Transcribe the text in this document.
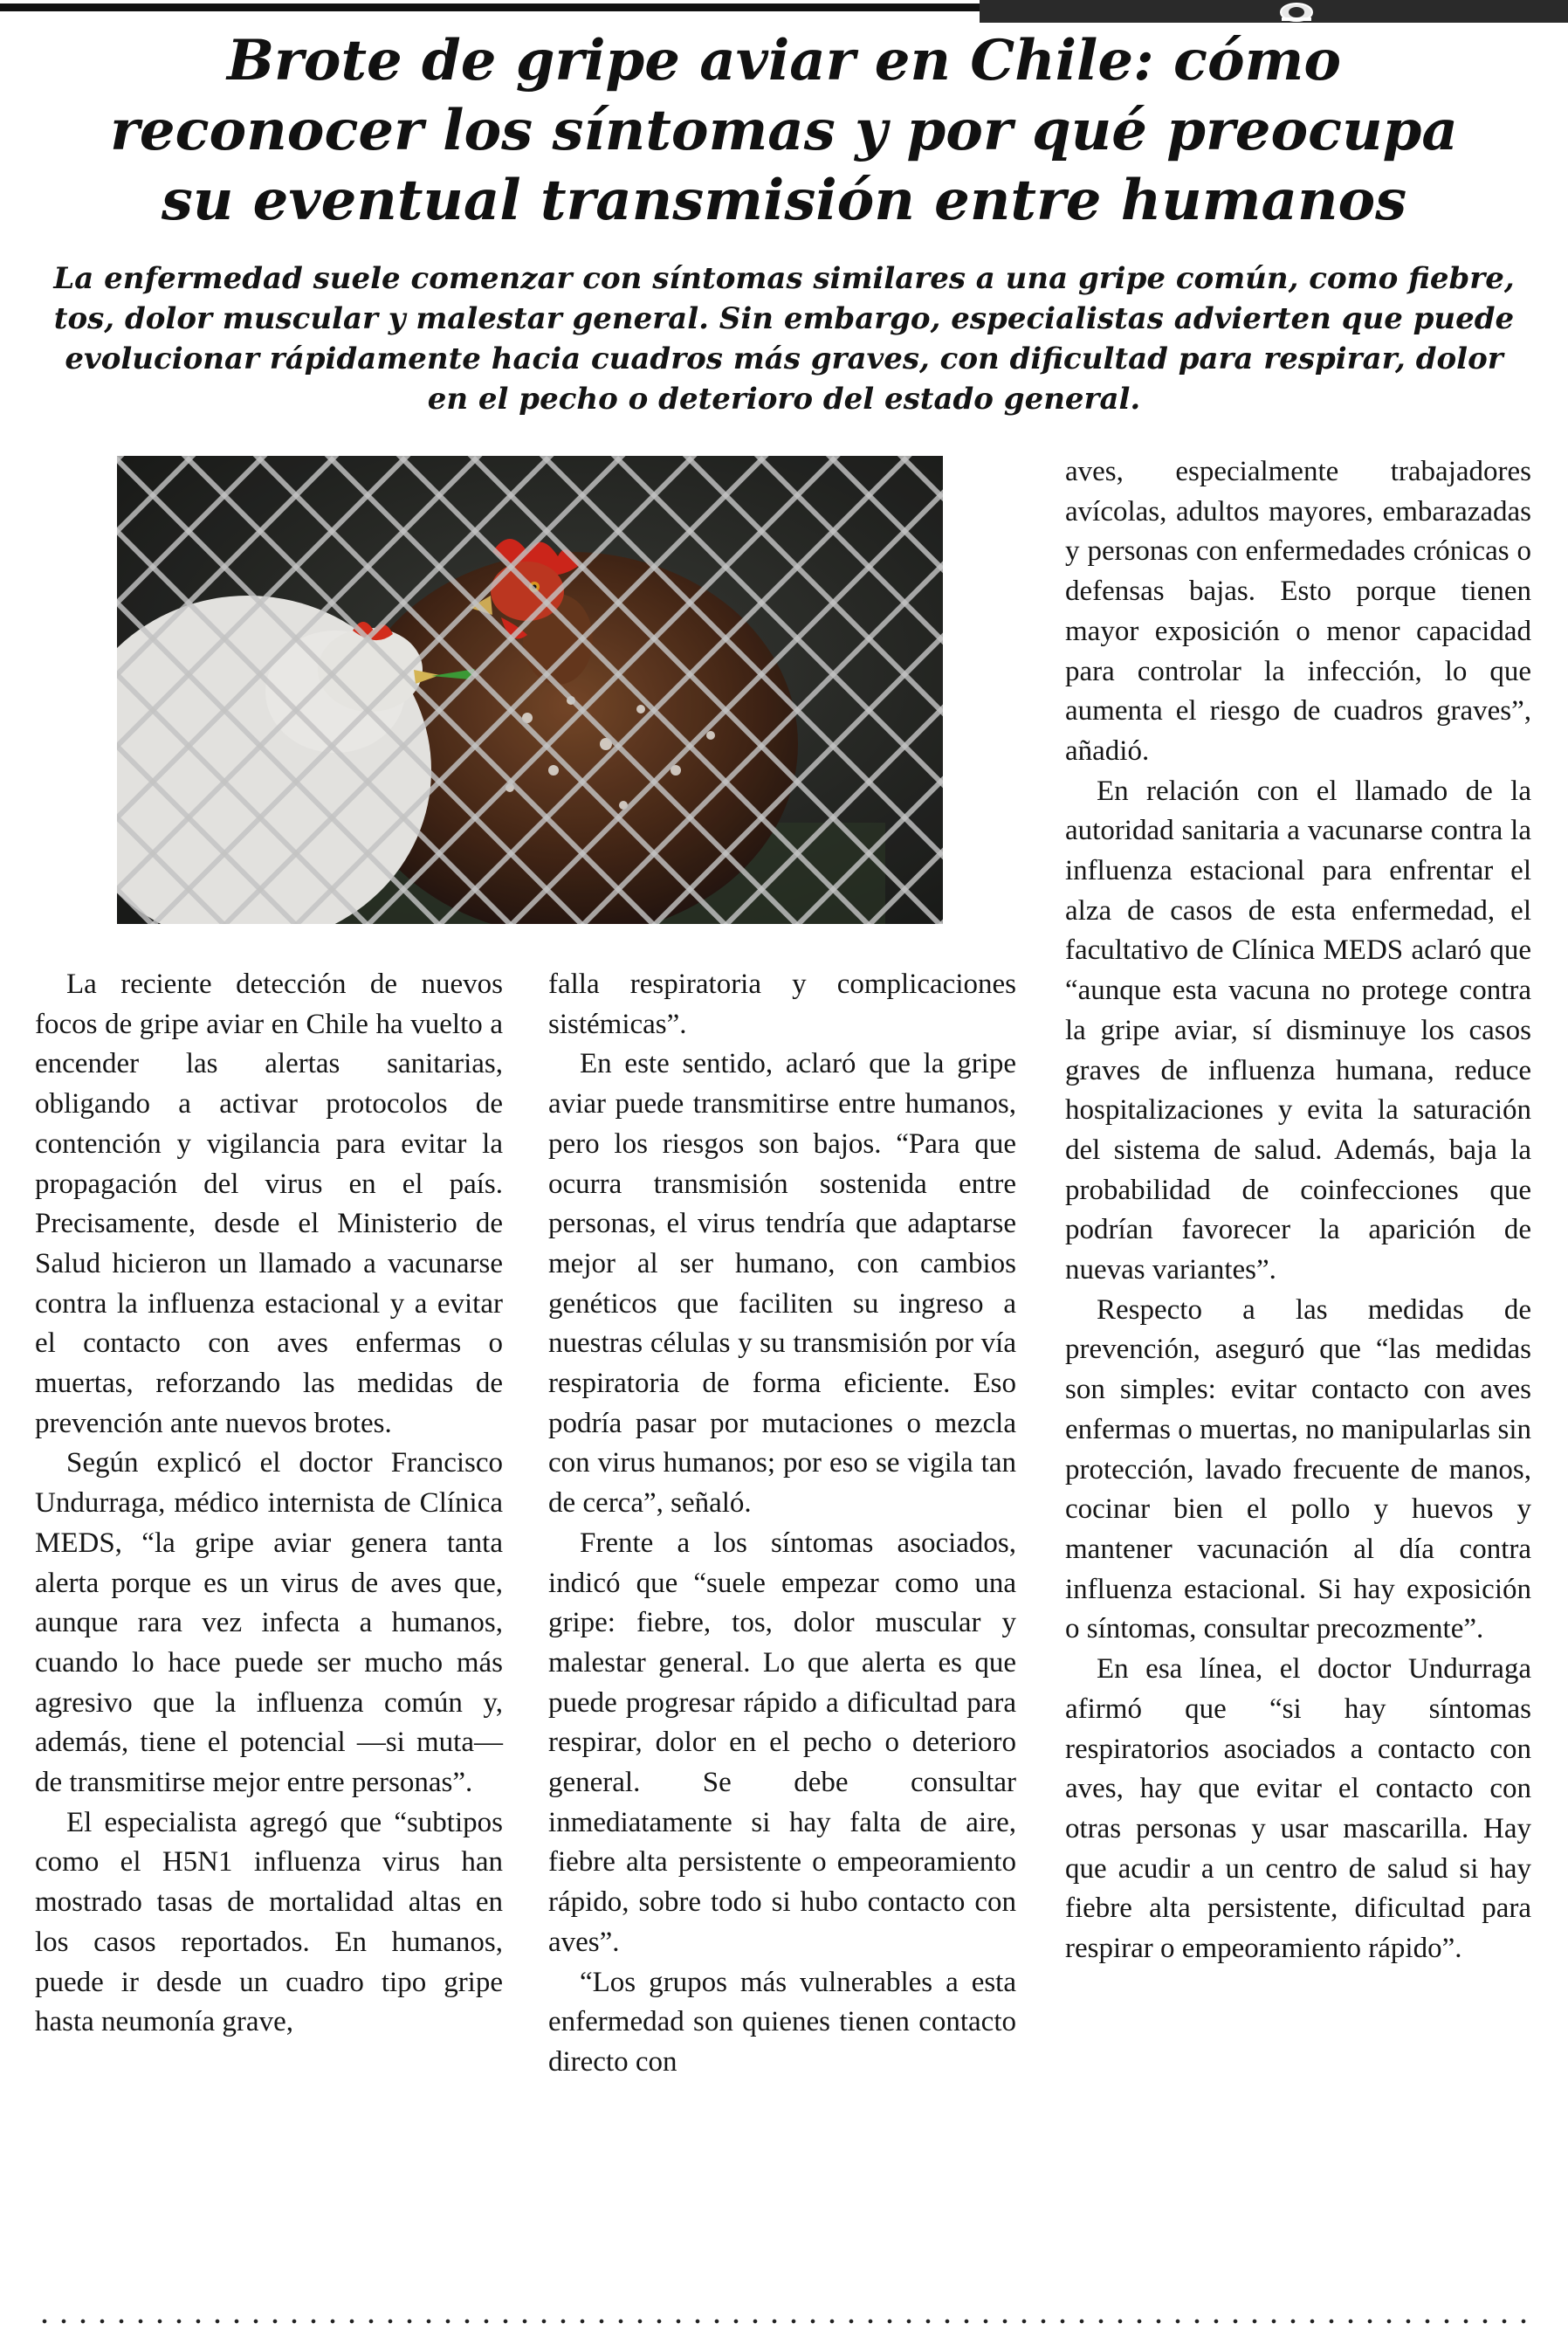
Brote de gripe aviar en Chile: cómo reconocer los síntomas y por qué preocupa su eventual transmisión entre humanos

La enfermedad suele comenzar con síntomas similares a una gripe común, como fiebre, tos, dolor muscular y malestar general. Sin embargo, especialistas advierten que puede evolucionar rápidamente hacia cuadros más graves, con dificultad para respirar, dolor en el pecho o deterioro del estado general.

La reciente detección de nuevos focos de gripe aviar en Chile ha vuelto a encender las alertas sanitarias, obligando a activar protocolos de contención y vigilancia para evitar la propagación del virus en el país. Precisamente, desde el Ministerio de Salud hicieron un llamado a vacunarse contra la influenza estacional y a evitar el contacto con aves enfermas o muertas, reforzando las medidas de prevención ante nuevos brotes.

Según explicó el doctor Francisco Undurraga, médico internista de Clínica MEDS, “la gripe aviar genera tanta alerta porque es un virus de aves que, aunque rara vez infecta a humanos, cuando lo hace puede ser mucho más agresivo que la influenza común y, además, tiene el potencial —si muta— de transmitirse mejor entre personas”.

El especialista agregó que “subtipos como el H5N1 influenza virus han mostrado tasas de mortalidad altas en los casos reportados. En humanos, puede ir desde un cuadro tipo gripe hasta neumonía grave,

falla respiratoria y complicaciones sistémicas”.

En este sentido, aclaró que la gripe aviar puede transmitirse entre humanos, pero los riesgos son bajos. “Para que ocurra transmisión sostenida entre personas, el virus tendría que adaptarse mejor al ser humano, con cambios genéticos que faciliten su ingreso a nuestras células y su transmisión por vía respiratoria de forma eficiente. Eso podría pasar por mutaciones o mezcla con virus humanos; por eso se vigila tan de cerca”, señaló.

Frente a los síntomas asociados, indicó que “suele empezar como una gripe: fiebre, tos, dolor muscular y malestar general. Lo que alerta es que puede progresar rápido a dificultad para respirar, dolor en el pecho o deterioro general. Se debe consultar inmediatamente si hay falta de aire, fiebre alta persistente o empeoramiento rápido, sobre todo si hubo contacto con aves”.

“Los grupos más vulnerables a esta enfermedad son quienes tienen contacto directo con

aves, especialmente trabajadores avícolas, adultos mayores, embarazadas y personas con enfermedades crónicas o defensas bajas. Esto porque tienen mayor exposición o menor capacidad para controlar la infección, lo que aumenta el riesgo de cuadros graves”, añadió.

En relación con el llamado de la autoridad sanitaria a vacunarse contra la influenza estacional para enfrentar el alza de casos de esta enfermedad, el facultativo de Clínica MEDS aclaró que “aunque esta vacuna no protege contra la gripe aviar, sí disminuye los casos graves de influenza humana, reduce hospitalizaciones y evita la saturación del sistema de salud. Además, baja la probabilidad de coinfecciones que podrían favorecer la aparición de nuevas variantes”.

Respecto a las medidas de prevención, aseguró que “las medidas son simples: evitar contacto con aves enfermas o muertas, no manipularlas sin protección, lavado frecuente de manos, cocinar bien el pollo y huevos y mantener vacunación al día contra influenza estacional. Si hay exposición o síntomas, consultar precozmente”.

En esa línea, el doctor Undurraga afirmó que “si hay síntomas respiratorios asociados a contacto con aves, hay que evitar el contacto con otras personas y usar mascarilla. Hay que acudir a un centro de salud si hay fiebre alta persistente, dificultad para respirar o empeoramiento rápido”.
